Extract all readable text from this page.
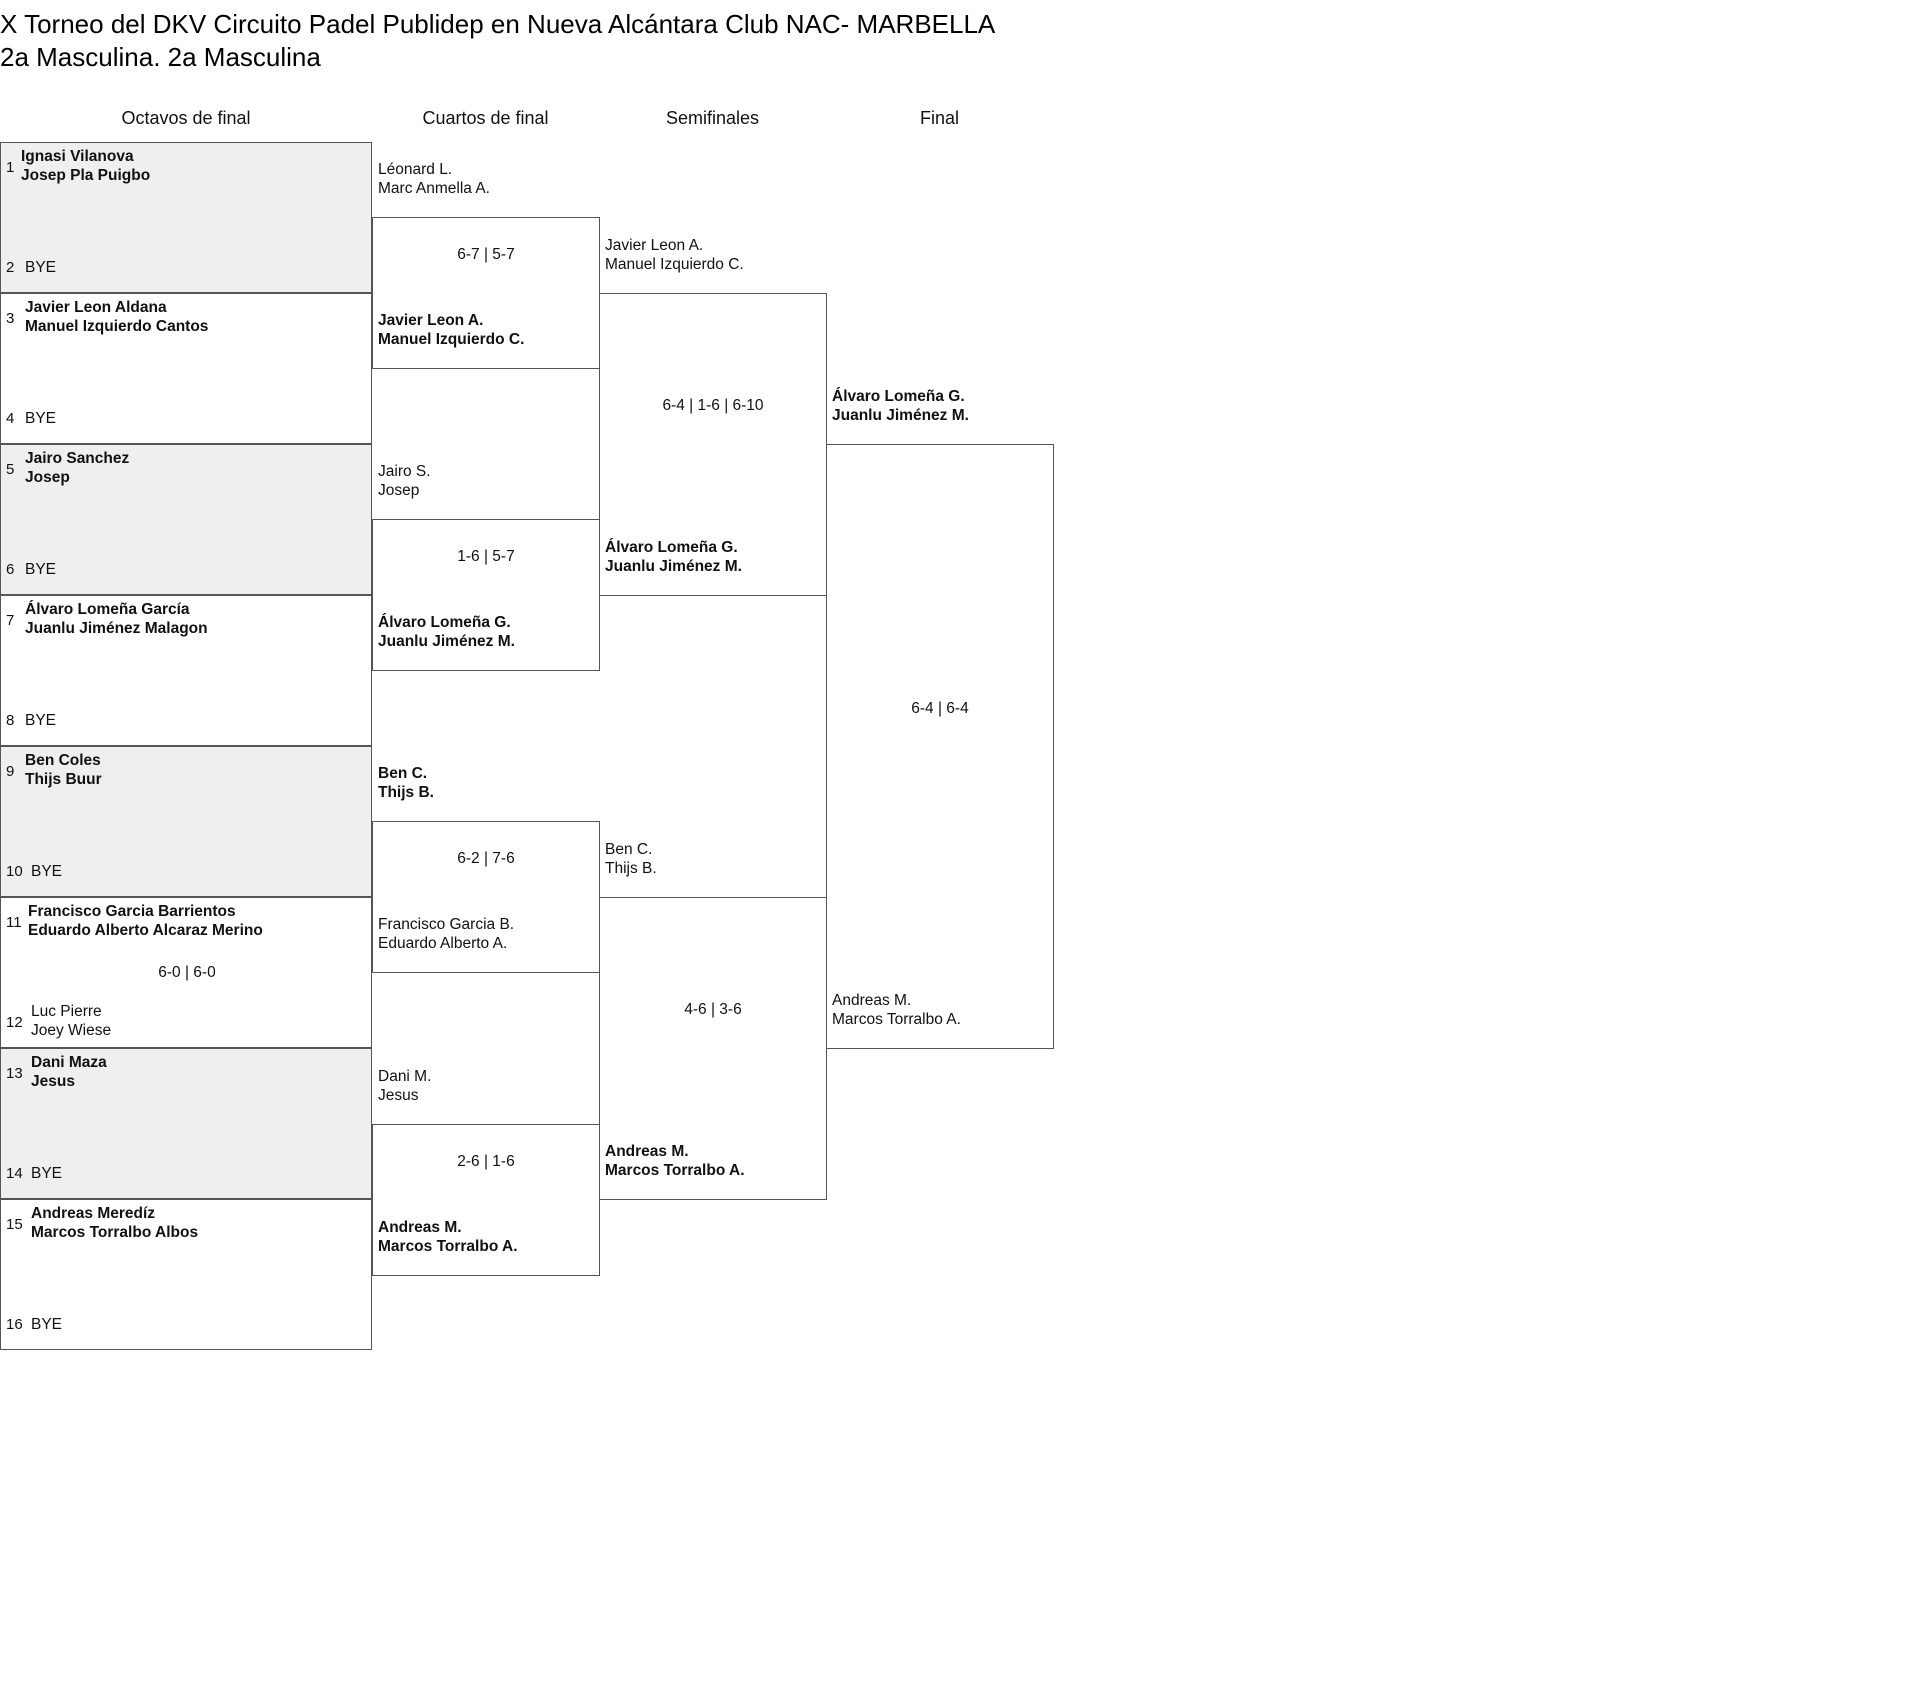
X Torneo del DKV Circuito Padel Publidep en Nueva Alcántara Club NAC- MARBELLA
2a Masculina. 2a Masculina
Octavos de final	Cuartos de final	Semifinales	Final
1
Ignasi Vilanova
Josep Pla Puigbo
2 BYE
3
Javier Leon Aldana
Manuel Izquierdo Cantos
4 BYE
5
Jairo Sanchez
Josep
6 BYE
7
Álvaro Lomeña García
Juanlu Jiménez Malagon
8 BYE
9
Ben Coles
Thijs Buur
10 BYE
11
Francisco Garcia Barrientos
Eduardo Alberto Alcaraz Merino
6-0 | 6-0
12
Luc Pierre
Joey Wiese
13
Dani Maza
Jesus
14 BYE
15
Andreas Meredíz
Marcos Torralbo Albos
16 BYE
Léonard L.
Marc Anmella A.
6-7 | 5-7
Javier Leon A.
Manuel Izquierdo C.
Jairo S.
Josep
1-6 | 5-7
Álvaro Lomeña G.
Juanlu Jiménez M.
Ben C.
Thijs B.
6-2 | 7-6
Francisco Garcia B.
Eduardo Alberto A.
Dani M.
Jesus
2-6 | 1-6
Andreas M.
Marcos Torralbo A.
Javier Leon A.
Manuel Izquierdo C.
6-4 | 1-6 | 6-10
Álvaro Lomeña G.
Juanlu Jiménez M.
Ben C.
Thijs B.
4-6 | 3-6
Andreas M.
Marcos Torralbo A.
Álvaro Lomeña G.
Juanlu Jiménez M.
6-4 | 6-4
Andreas M.
Marcos Torralbo A.
